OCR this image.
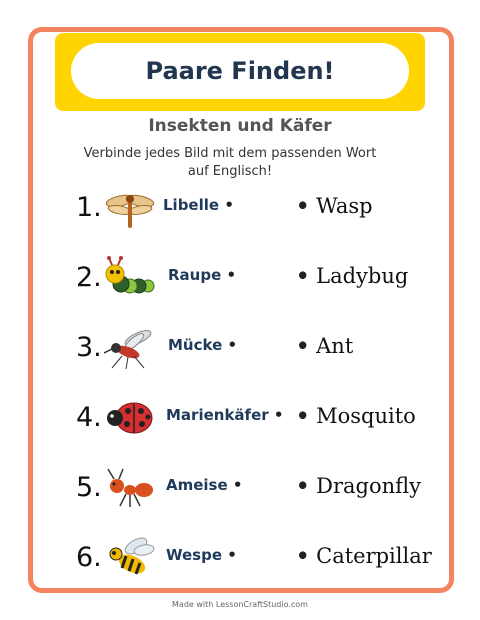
Paare Finden!
Insekten und Käfer
Verbinde jedes Bild mit dem passenden Wort
auf Englisch!
1.	Libelle •	• Wasp
2.	Raupe •	• Ladybug
3.	Mücke •	• Ant
4.	Marienkäfer • • Mosquito
5.	Ameise •	• Dragonfly
6.	Wespe •	• Caterpillar
Made with LessonCraftStudio.com
